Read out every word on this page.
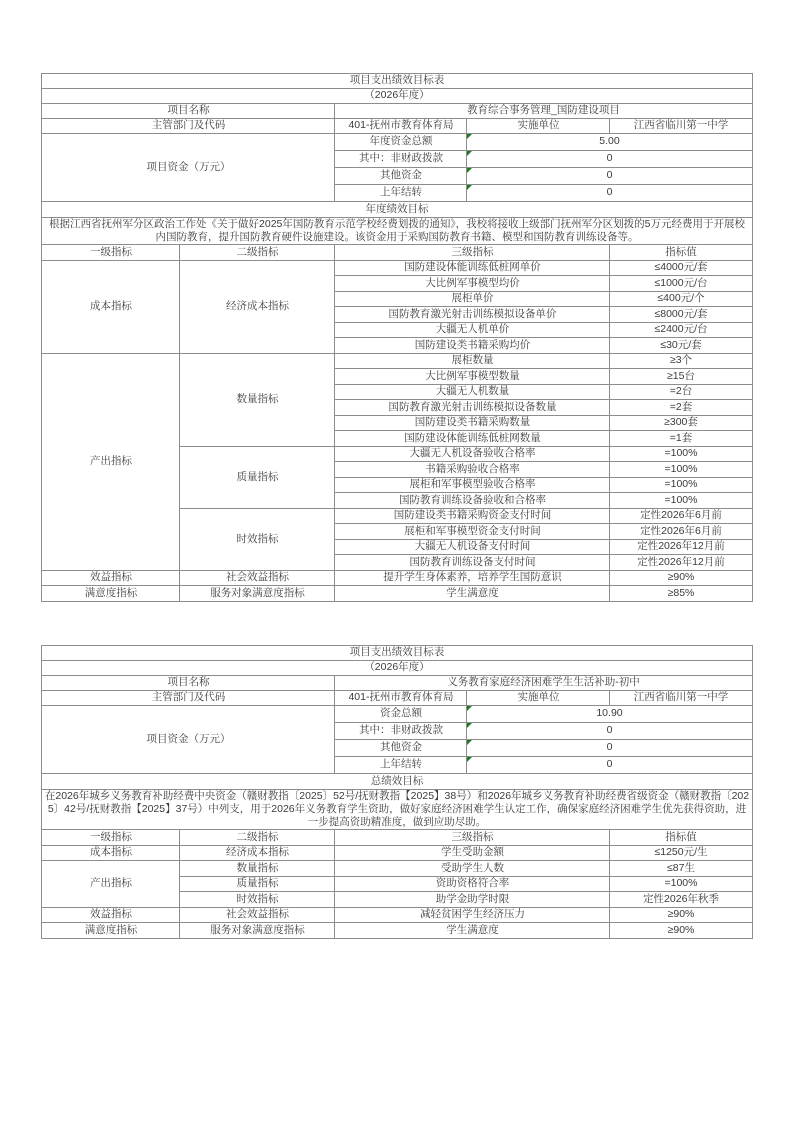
项目支出绩效目标表				
（2026年度）				
项目名称		教育综合事务管理_国防建设项目		
主管部门及代码		401-抚州市教育体育局	实施单位	江西省临川第一中学
项目资金（万元）		年度资金总额	5.00	

		其中：非财政拨款	0	

		其他资金	0	

		上年结转	0	

年度绩效目标				
根据江西省抚州军分区政治工作处《关于做好2025年国防教育示范学校经费划拨的通知》，我校将接收上级部门抚州军分区划拨的5万元经费用于开展校内国防教育，提升国防教育硬件设施建设。该资金用于采购国防教育书籍、模型和国防教育训练设备等。				
一级指标	二级指标	三级指标		指标值
成本指标	经济成本指标	国防建设体能训练低桩网单价		≤4000元/套
		大比例军事模型均价		≤1000元/台
		展柜单价		≤400元/个
		国防教育激光射击训练模拟设备单价		≤8000元/套
		大疆无人机单价		≤2400元/台
		国防建设类书籍采购均价		≤30元/套
产出指标	数量指标	展柜数量		≥3个
		大比例军事模型数量		≥15台
		大疆无人机数量		=2台
		国防教育激光射击训练模拟设备数量		=2套
		国防建设类书籍采购数量		≥300套
		国防建设体能训练低桩网数量		=1套
	质量指标	大疆无人机设备验收合格率		=100%
		书籍采购验收合格率		=100%
		展柜和军事模型验收合格率		=100%
		国防教育训练设备验收和合格率		=100%
	时效指标	国防建设类书籍采购资金支付时间		定性2026年6月前
		展柜和军事模型资金支付时间		定性2026年6月前
		大疆无人机设备支付时间		定性2026年12月前
		国防教育训练设备支付时间		定性2026年12月前
效益指标	社会效益指标	提升学生身体素养，培养学生国防意识		≥90%
满意度指标	服务对象满意度指标	学生满意度		≥85%
项目支出绩效目标表				
（2026年度）				
项目名称		义务教育家庭经济困难学生生活补助-初中		
主管部门及代码		401-抚州市教育体育局	实施单位	江西省临川第一中学
项目资金（万元）		资金总额	10.90	

		其中：非财政拨款	0	

		其他资金	0	

		上年结转	0	

总绩效目标				
在2026年城乡义务教育补助经费中央资金（赣财教指〔2025〕52号/抚财教指【2025】38号）和2026年城乡义务教育补助经费省级资金（赣财教指〔2025〕42号/抚财教指【2025】37号）中列支，用于2026年义务教育学生资助，做好家庭经济困难学生认定工作，确保家庭经济困难学生优先获得资助，进一步提高资助精准度，做到应助尽助。				
一级指标	二级指标	三级指标		指标值
成本指标	经济成本指标	学生受助金额		≤1250元/生
产出指标	数量指标	受助学生人数		≤87生
	质量指标	资助资格符合率		=100%
	时效指标	助学金助学时限		定性2026年秋季
效益指标	社会效益指标	减轻贫困学生经济压力		≥90%
满意度指标	服务对象满意度指标	学生满意度		≥90%
